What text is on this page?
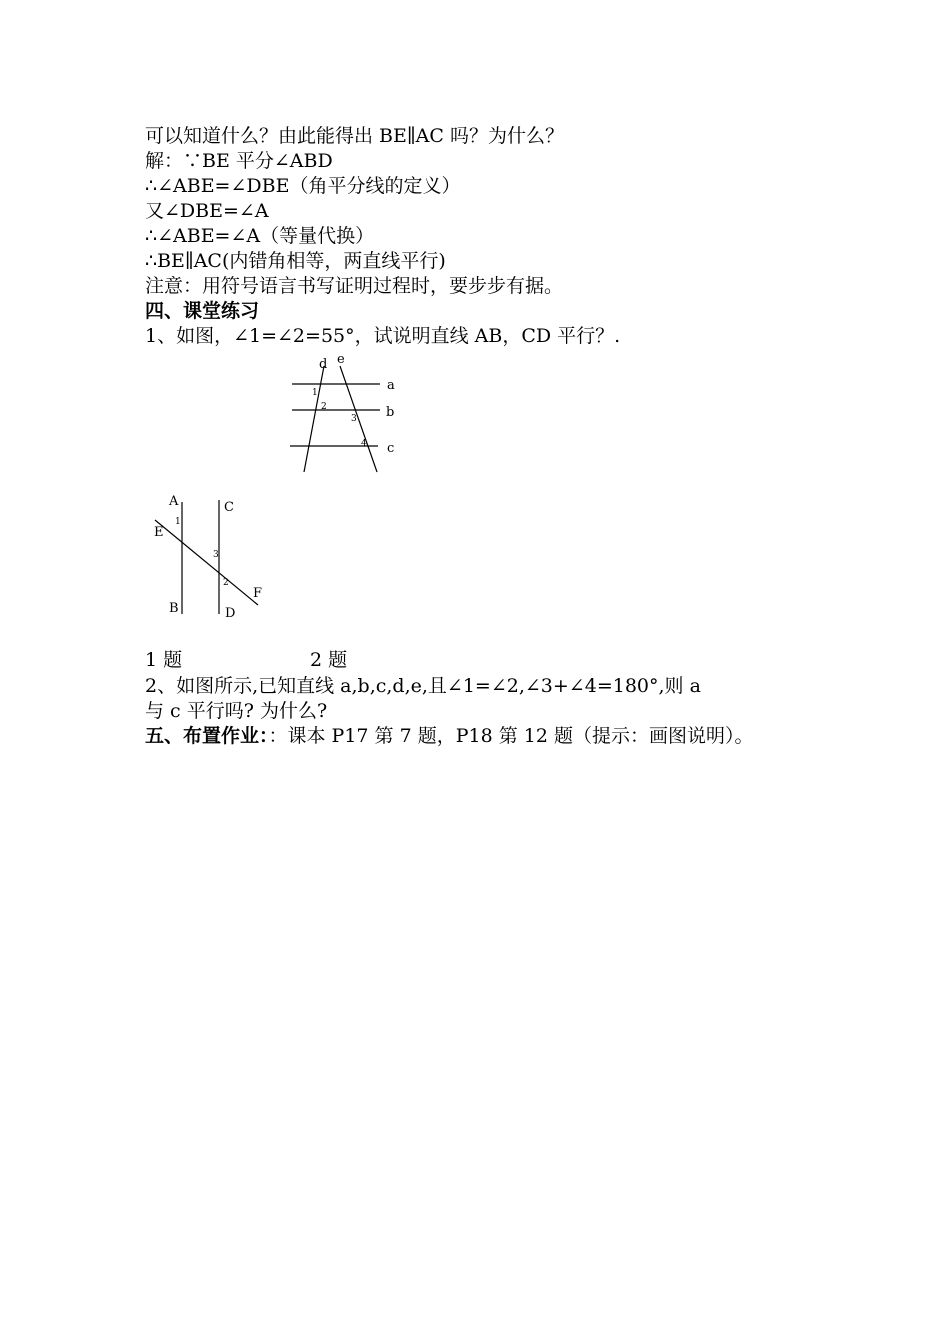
可以知道什么？由此能得出 BE∥AC 吗？为什么？
解：∵BE 平分∠ABD
∴∠ABE=∠DBE（角平分线的定义）
又∠DBE=∠A
∴∠ABE=∠A（等量代换）
∴BE∥AC(内错角相等，两直线平行)
注意：用符号语言书写证明过程时，要步步有据。
四、课堂练习
1、如图，∠1=∠2=55°，试说明直线 AB，CD 平行？.
d e
a
b
c
1
2
3
4
A
B
C
D
E
F
1
3
2
1 题	2 题
2、如图所示,已知直线 a,b,c,d,e,且∠1=∠2,∠3+∠4=180°,则 a
与 c 平行吗? 为什么?
五、布置作业：：课本 P17 第 7 题，P18 第 12 题（提示：画图说明）。
